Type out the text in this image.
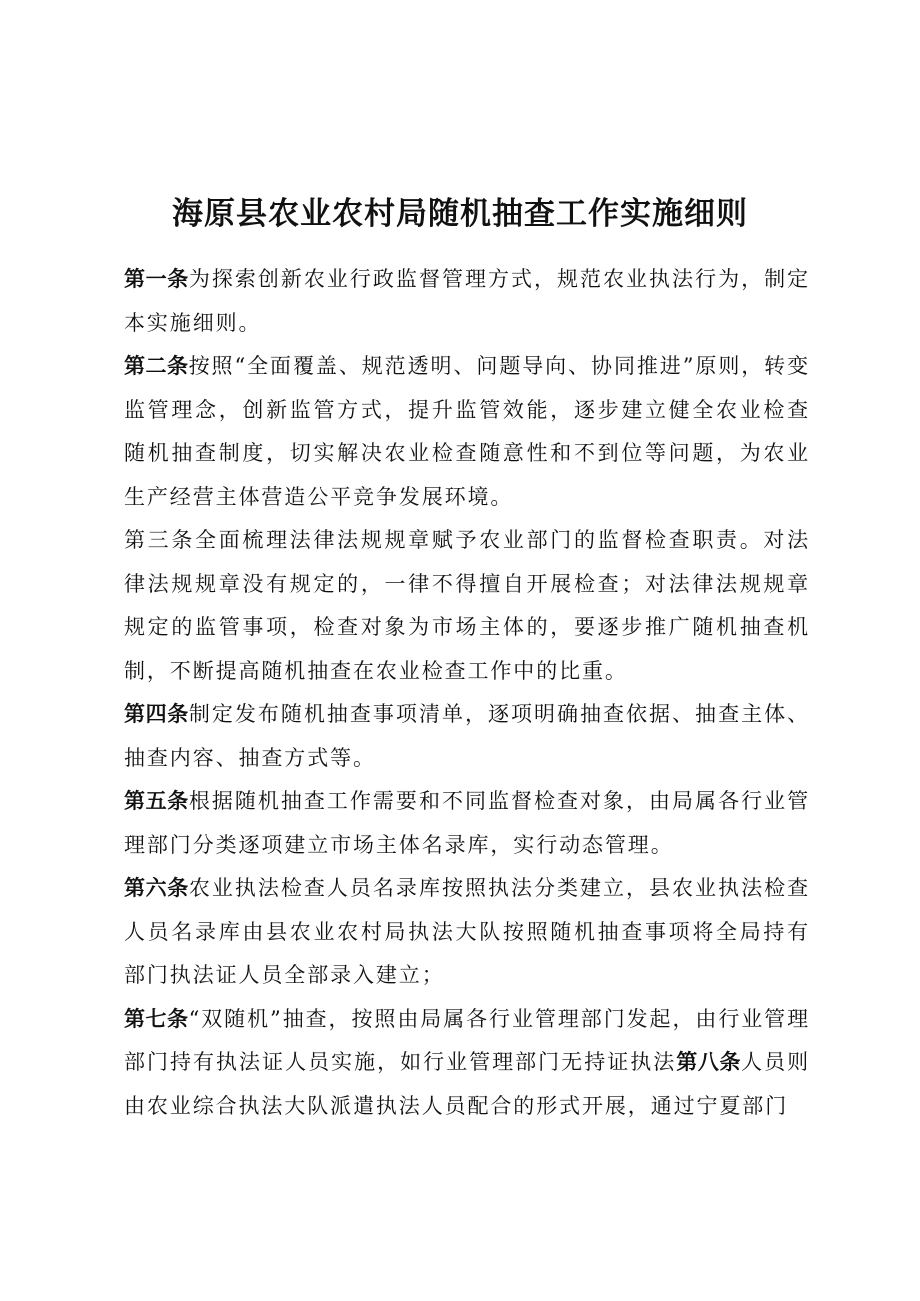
海原县农业农村局随机抽查工作实施细则

第一条为探索创新农业行政监督管理方式，规范农业执法行为，制定本实施细则。

第二条按照“全面覆盖、规范透明、问题导向、协同推进”原则，转变监管理念，创新监管方式，提升监管效能，逐步建立健全农业检查随机抽查制度，切实解决农业检查随意性和不到位等问题，为农业生产经营主体营造公平竞争发展环境。

第三条全面梳理法律法规规章赋予农业部门的监督检查职责。对法律法规规章没有规定的，一律不得擅自开展检查；对法律法规规章规定的监管事项，检查对象为市场主体的，要逐步推广随机抽查机制，不断提高随机抽查在农业检查工作中的比重。

第四条制定发布随机抽查事项清单，逐项明确抽查依据、抽查主体、抽查内容、抽查方式等。

第五条根据随机抽查工作需要和不同监督检查对象，由局属各行业管理部门分类逐项建立市场主体名录库，实行动态管理。

第六条农业执法检查人员名录库按照执法分类建立，县农业执法检查人员名录库由县农业农村局执法大队按照随机抽查事项将全局持有部门执法证人员全部录入建立；

第七条“双随机”抽查，按照由局属各行业管理部门发起，由行业管理部门持有执法证人员实施，如行业管理部门无持证执法第八条人员则由农业综合执法大队派遣执法人员配合的形式开展，通过宁夏部门
